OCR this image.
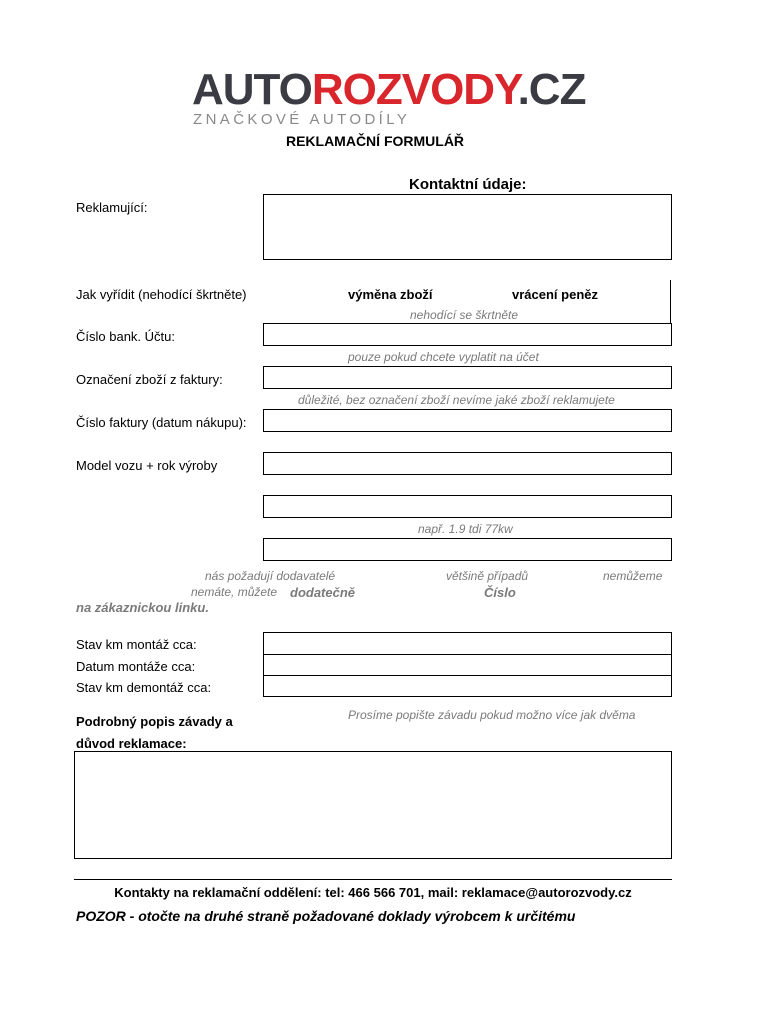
AUTOROZVODY.CZ
ZNAČKOVÉ AUTODÍLY
REKLAMAČNÍ FORMULÁŘ
Kontaktní údaje:
Reklamující:
Jak vyřídit (nehodící škrtněte)	výměna zboží	vrácení peněz
nehodící se škrtněte
Číslo bank. Účtu:
pouze pokud chcete vyplatit na účet
Označení zboží z faktury:
důležité, bez označení zboží nevíme jaké zboží reklamujete
Číslo faktury (datum nákupu):
Model vozu + rok výroby
např. 1.9 tdi 77kw
nás požadují dodavatelé	většině případů	nemůžeme
nemáte, můžete dodatečně	Číslo
na zákaznickou linku.
Stav km montáž cca:
Datum montáže cca:
Stav km demontáž cca:
Podrobný popis závady a
důvod reklamace:
Prosíme popište závadu pokud možno více jak dvěma
Kontakty na reklamační oddělení: tel: 466 566 701, mail: reklamace@autorozvody.cz
POZOR - otočte na druhé straně požadované doklady výrobcem k určitému
